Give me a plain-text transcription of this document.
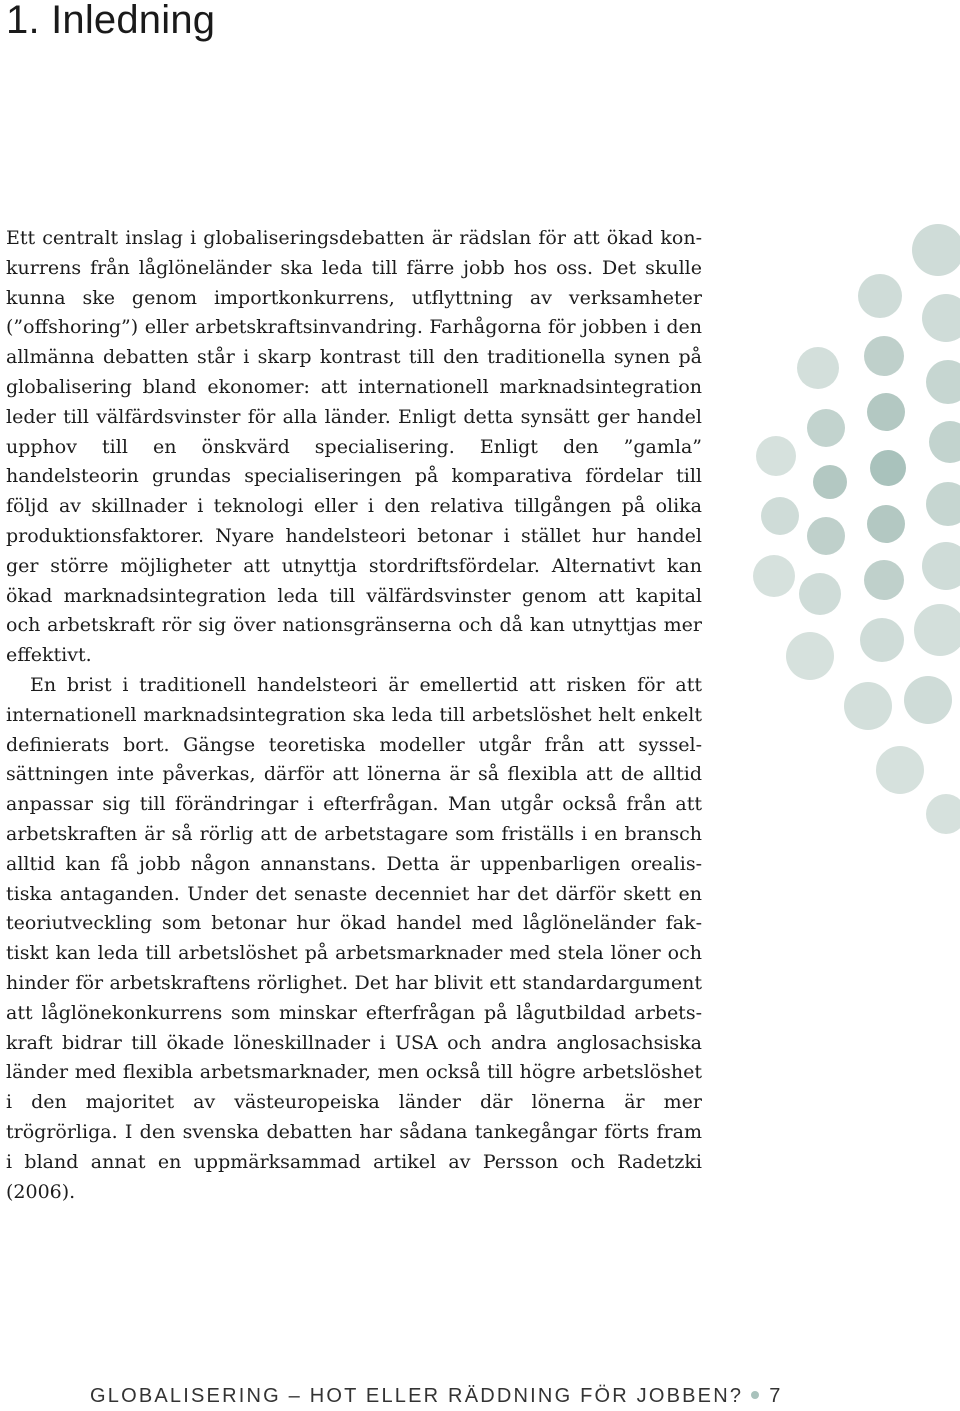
1. Inledning

Ett centralt inslag i globaliseringsdebatten är rädslan för att ökad konkurrens från låglöneländer ska leda till färre jobb hos oss. Det skulle kunna ske genom importkonkurrens, utflyttning av verksamheter (”offshoring”) eller arbetskraftsinvandring. Farhågorna för jobben i den allmänna debatten står i skarp kontrast till den traditionella synen på globalisering bland ekonomer: att internationell marknadsintegration leder till välfärdsvinster för alla länder. Enligt detta synsätt ger handel upphov till en önskvärd specialisering. Enligt den ”gamla” handelsteorin grundas specialiseringen på komparativa fördelar till följd av skillnader i teknologi eller i den relativa tillgången på olika produktionsfaktorer. Nyare handelsteori betonar i stället hur handel ger större möjligheter att utnyttja stordriftsfördelar. Alternativt kan ökad marknadsintegration leda till välfärdsvinster genom att kapital och arbetskraft rör sig över nationsgränserna och då kan utnyttjas mer effektivt.

En brist i traditionell handelsteori är emellertid att risken för att internationell marknadsintegration ska leda till arbetslöshet helt enkelt definierats bort. Gängse teoretiska modeller utgår från att sysselsättningen inte påverkas, därför att lönerna är så flexibla att de alltid anpassar sig till förändringar i efterfrågan. Man utgår också från att arbetskraften är så rörlig att de arbetstagare som friställs i en bransch alltid kan få jobb någon annanstans. Detta är uppenbarligen orealistiska antaganden. Under det senaste decenniet har det därför skett en teoriutveckling som betonar hur ökad handel med låglöneländer faktiskt kan leda till arbetslöshet på arbetsmarknader med stela löner och hinder för arbetskraftens rörlighet. Det har blivit ett standardargument att låglönekonkurrens som minskar efterfrågan på lågutbildad arbetskraft bidrar till ökade löneskillnader i USA och andra anglosachsiska länder med flexibla arbetsmarknader, men också till högre arbetslöshet i den majoritet av västeuropeiska länder där lönerna är mer trögrörliga. I den svenska debatten har sådana tankegångar förts fram i bland annat en uppmärksammad artikel av Persson och Radetzki (2006).

GLOBALISERING – HOT ELLER RÄDDNING FÖR JOBBEN? 7
